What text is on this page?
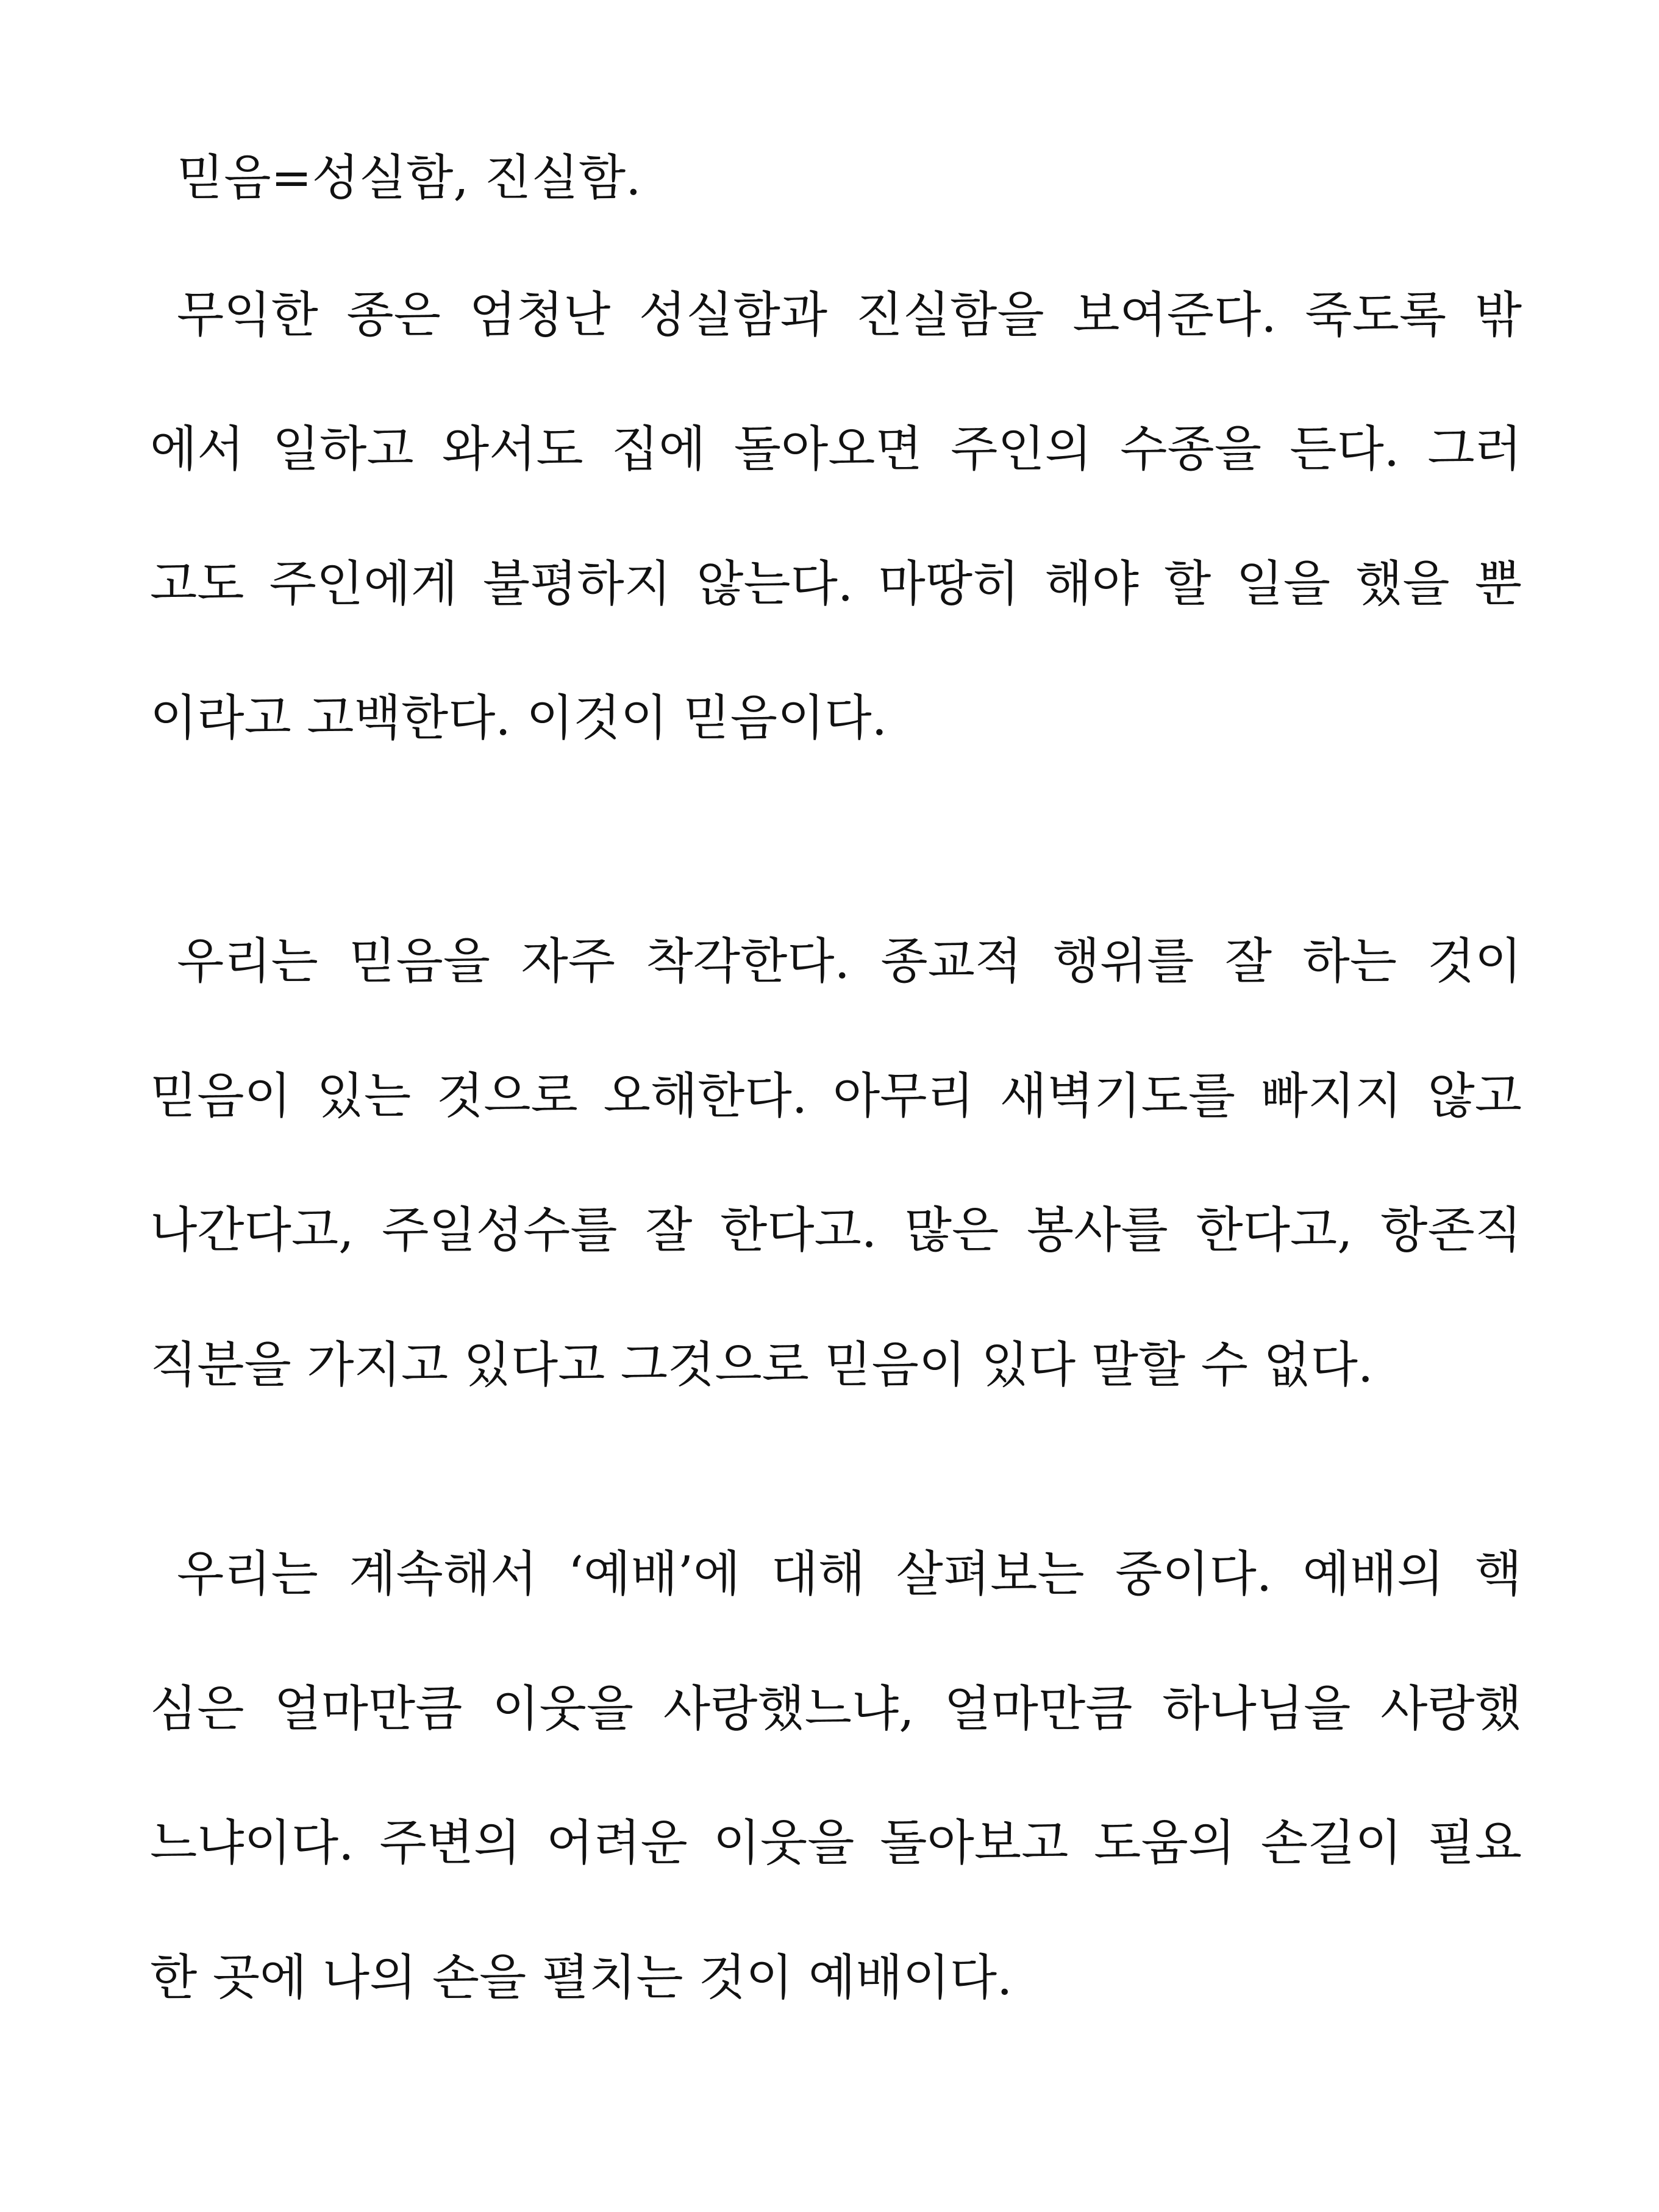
믿음=성실함, 진실함.
무익한 종은 엄청난 성실함과 진실함을 보여준다. 죽도록 밖
에서 일하고 와서도 집에 돌아오면 주인의 수종을 든다. 그러
고도 주인에게 불평하지 않는다. 마땅히 해야 할 일을 했을 뿐
이라고 고백한다. 이것이 믿음이다.
우리는 믿음을 자주 착각한다. 종교적 행위를 잘 하는 것이
믿음이 있는 것으로 오해한다. 아무리 새벽기도를 빠지지 않고
나간다고, 주일성수를 잘 한다고. 많은 봉사를 한다고, 항존직
직분을 가지고 있다고 그것으로 믿음이 있다 말할 수 없다.
우리는 계속해서 ‘예배’에 대해 살펴보는 중이다. 예배의 핵
심은 얼마만큼 이웃을 사랑했느냐, 얼마만큼 하나님을 사랑했
느냐이다. 주변의 어려운 이웃을 돌아보고 도움의 손길이 필요
한 곳에 나의 손을 펼치는 것이 예배이다.
